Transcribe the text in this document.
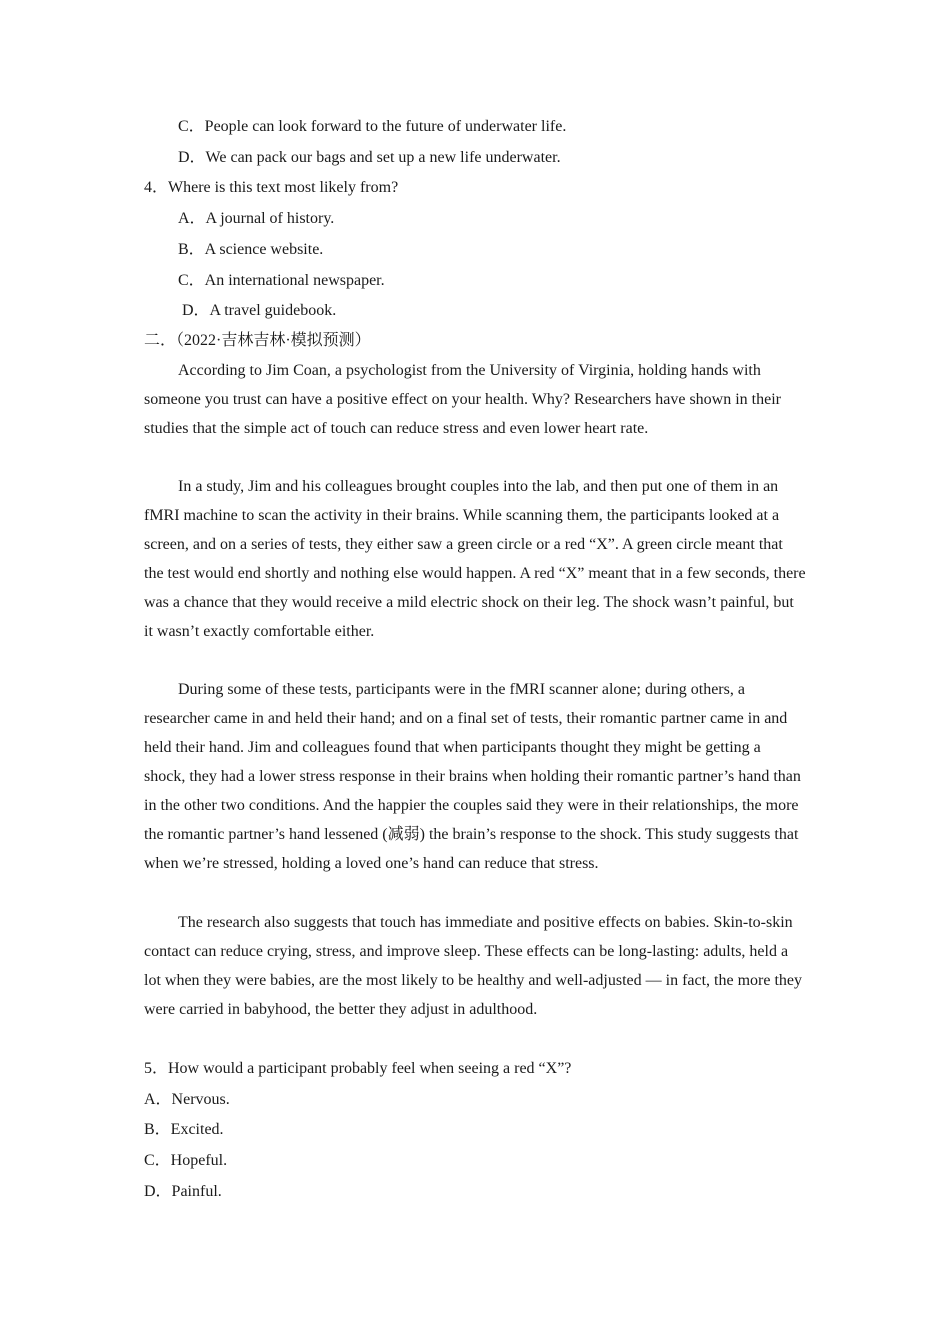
C．People can look forward to the future of underwater life.
D．We can pack our bags and set up a new life underwater.
4．Where is this text most likely from?
A．A journal of history.
B．A science website.
C．An international newspaper.
D．A travel guidebook.
二．（2022·吉林吉林·模拟预测）

According to Jim Coan, a psychologist from the University of Virginia, holding hands with someone you trust can have a positive effect on your health. Why? Researchers have shown in their studies that the simple act of touch can reduce stress and even lower heart rate.

In a study, Jim and his colleagues brought couples into the lab, and then put one of them in an fMRI machine to scan the activity in their brains. While scanning them, the participants looked at a screen, and on a series of tests, they either saw a green circle or a red “X”. A green circle meant that the test would end shortly and nothing else would happen. A red “X” meant that in a few seconds, there was a chance that they would receive a mild electric shock on their leg. The shock wasn’t painful, but it wasn’t exactly comfortable either.

During some of these tests, participants were in the fMRI scanner alone; during others, a researcher came in and held their hand; and on a final set of tests, their romantic partner came in and held their hand. Jim and colleagues found that when participants thought they might be getting a shock, they had a lower stress response in their brains when holding their romantic partner’s hand than in the other two conditions. And the happier the couples said they were in their relationships, the more the romantic partner’s hand lessened (减弱) the brain’s response to the shock. This study suggests that when we’re stressed, holding a loved one’s hand can reduce that stress.

The research also suggests that touch has immediate and positive effects on babies. Skin-to-skin contact can reduce crying, stress, and improve sleep. These effects can be long-lasting: adults, held a lot when they were babies, are the most likely to be healthy and well-adjusted — in fact, the more they were carried in babyhood, the better they adjust in adulthood.

5．How would a participant probably feel when seeing a red “X”?
A．Nervous.
B．Excited.
C．Hopeful.
D．Painful.
